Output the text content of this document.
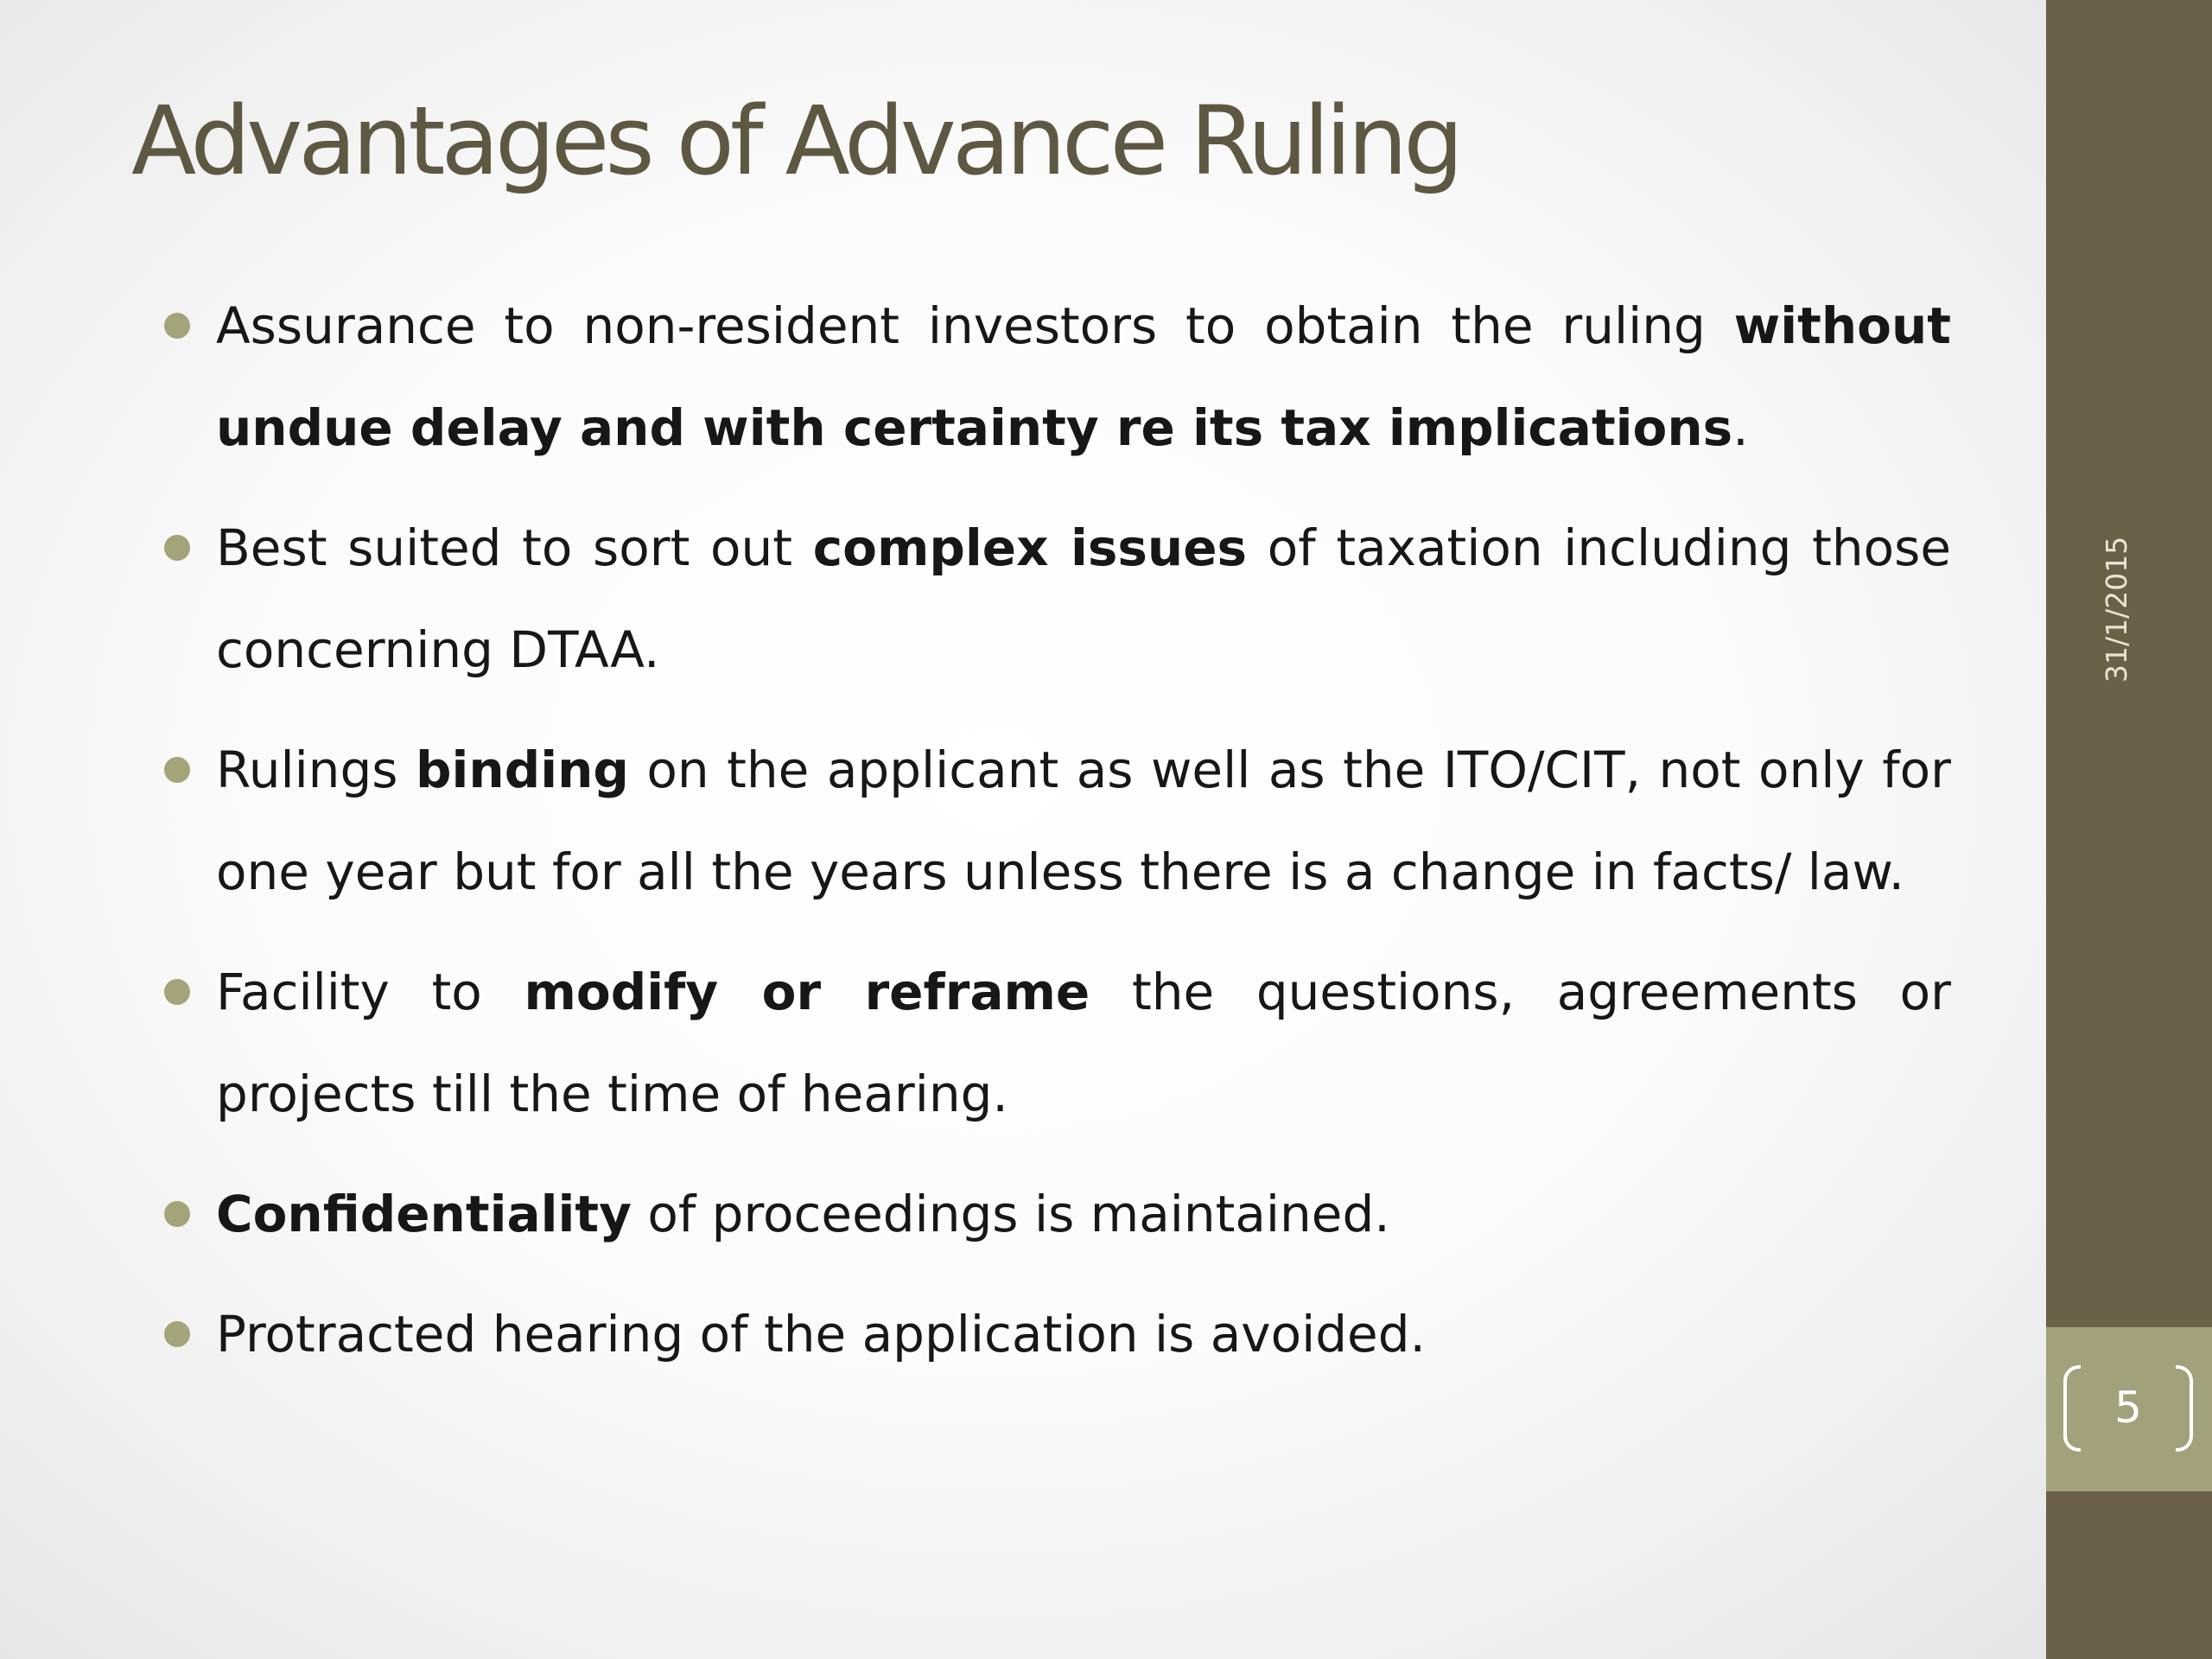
Advantages of Advance Ruling
Assurance to non-resident investors to obtain the ruling without undue delay and with certainty re its tax implications.
Best suited to sort out complex issues of taxation including those concerning DTAA.
Rulings binding on the applicant as well as the ITO/CIT, not only for one year but for all the years unless there is a change in facts/ law.
Facility to modify or reframe the questions, agreements or projects till the time of hearing.
Confidentiality of proceedings is maintained.
Protracted hearing of the application is avoided.
31/1/2015
5
